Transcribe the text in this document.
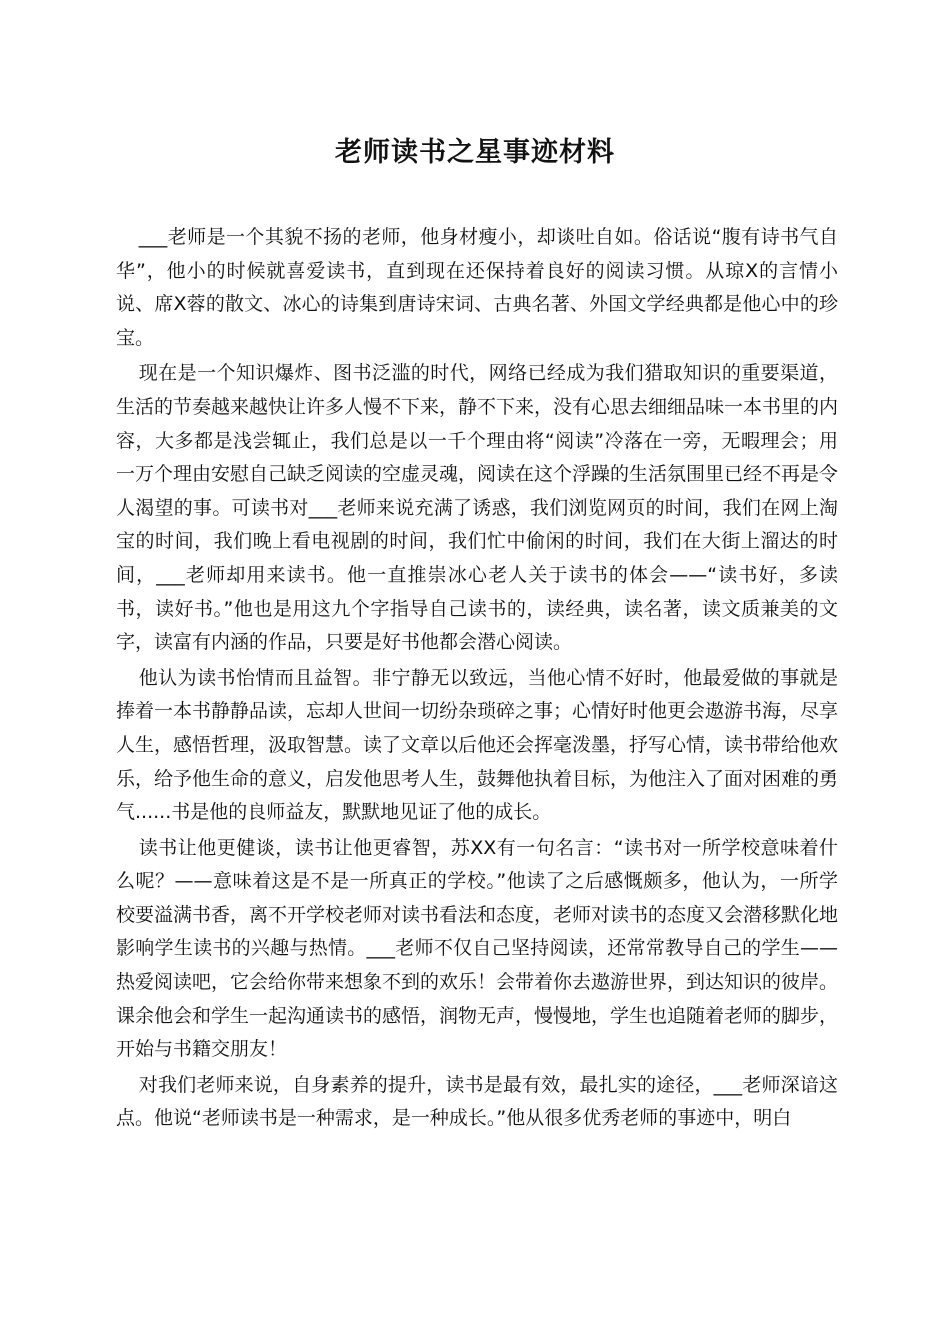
老师读书之星事迹材料

___老师是一个其貌不扬的老师，他身材瘦小，却谈吐自如。俗话说“腹有诗书气自华”，他小的时候就喜爱读书，直到现在还保持着良好的阅读习惯。从琼X的言情小说、席X蓉的散文、冰心的诗集到唐诗宋词、古典名著、外国文学经典都是他心中的珍宝。

现在是一个知识爆炸、图书泛滥的时代，网络已经成为我们猎取知识的重要渠道，生活的节奏越来越快让许多人慢不下来，静不下来，没有心思去细细品味一本书里的内容，大多都是浅尝辄止，我们总是以一千个理由将“阅读”冷落在一旁，无暇理会；用一万个理由安慰自己缺乏阅读的空虚灵魂，阅读在这个浮躁的生活氛围里已经不再是令人渴望的事。可读书对___老师来说充满了诱惑，我们浏览网页的时间，我们在网上淘宝的时间，我们晚上看电视剧的时间，我们忙中偷闲的时间，我们在大街上溜达的时间，___老师却用来读书。他一直推崇冰心老人关于读书的体会——“读书好，多读书，读好书。”他也是用这九个字指导自己读书的，读经典，读名著，读文质兼美的文字，读富有内涵的作品，只要是好书他都会潜心阅读。

他认为读书怡情而且益智。非宁静无以致远，当他心情不好时，他最爱做的事就是捧着一本书静静品读，忘却人世间一切纷杂琐碎之事；心情好时他更会遨游书海，尽享人生，感悟哲理，汲取智慧。读了文章以后他还会挥毫泼墨，抒写心情，读书带给他欢乐，给予他生命的意义，启发他思考人生，鼓舞他执着目标，为他注入了面对困难的勇气......书是他的良师益友，默默地见证了他的成长。

读书让他更健谈，读书让他更睿智，苏XX有一句名言：“读书对一所学校意味着什么呢？——意味着这是不是一所真正的学校。”他读了之后感慨颇多，他认为，一所学校要溢满书香，离不开学校老师对读书看法和态度，老师对读书的态度又会潜移默化地影响学生读书的兴趣与热情。___老师不仅自己坚持阅读，还常常教导自己的学生——热爱阅读吧，它会给你带来想象不到的欢乐！会带着你去遨游世界，到达知识的彼岸。课余他会和学生一起沟通读书的感悟，润物无声，慢慢地，学生也追随着老师的脚步，开始与书籍交朋友！

对我们老师来说，自身素养的提升，读书是最有效，最扎实的途径，___老师深谙这点。他说“老师读书是一种需求，是一种成长。”他从很多优秀老师的事迹中，明白
